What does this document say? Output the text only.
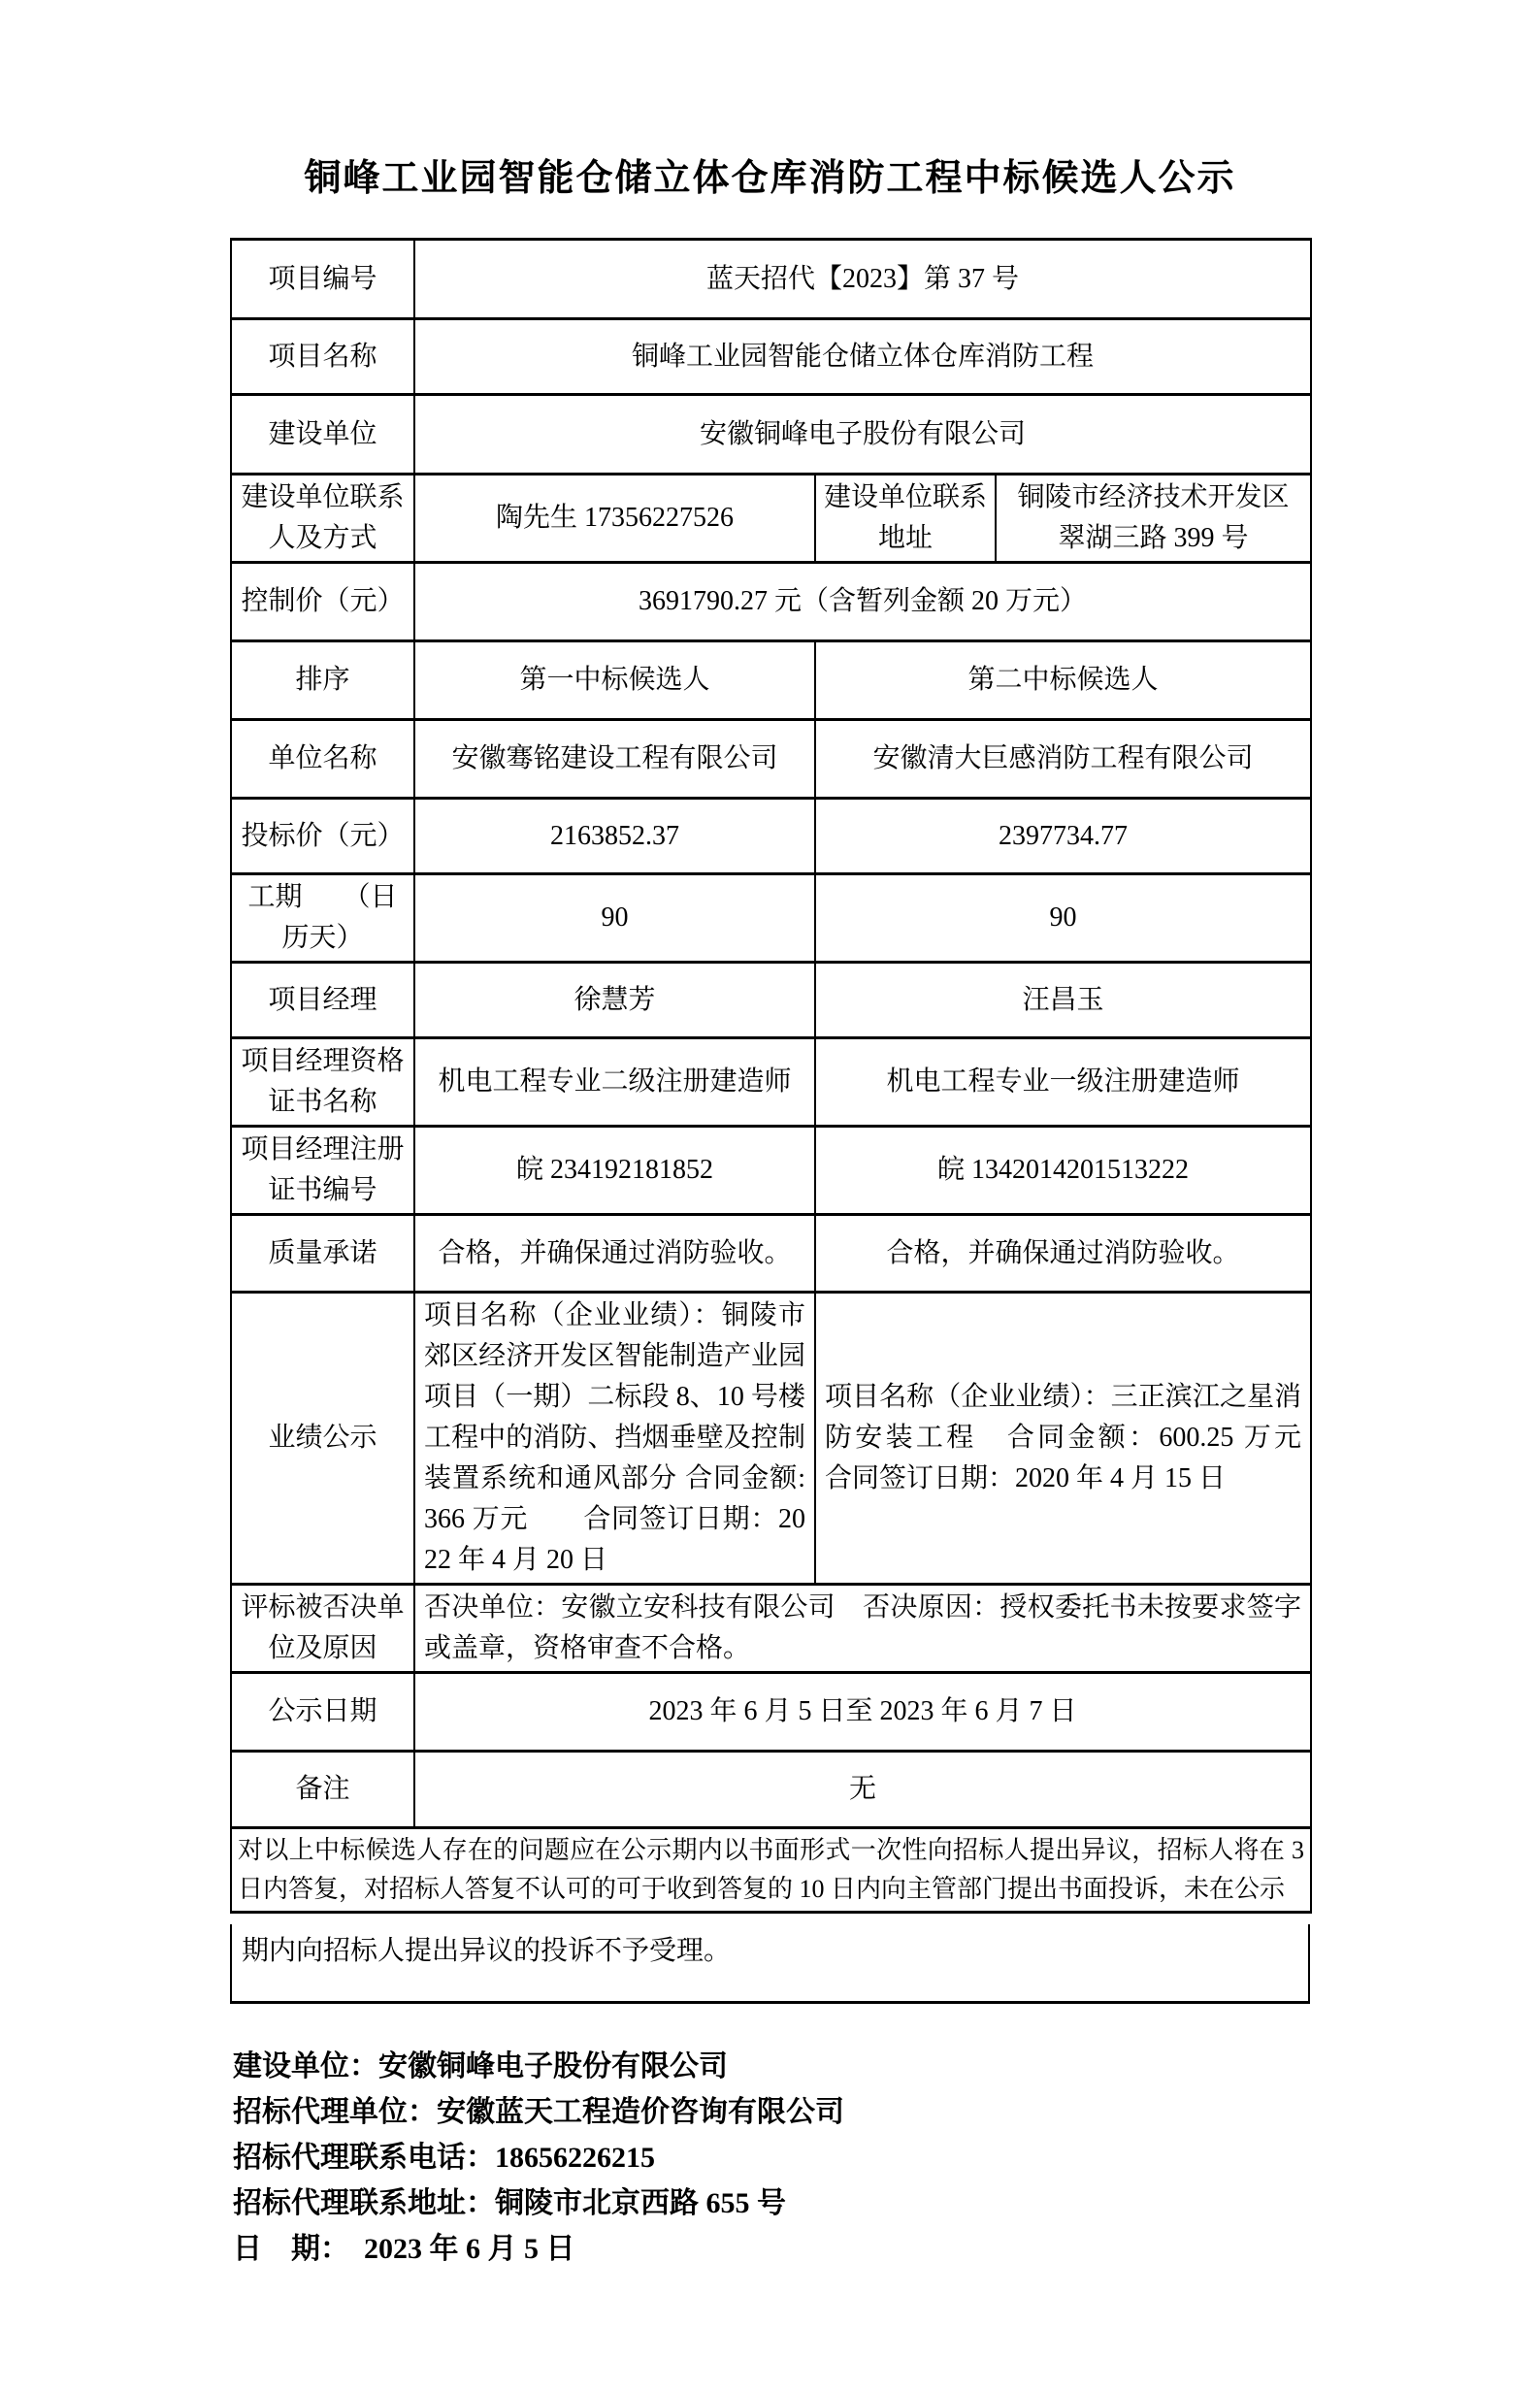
铜峰工业园智能仓储立体仓库消防工程中标候选人公示
项目编号	蓝天招代【2023】第 37 号		
项目名称	铜峰工业园智能仓储立体仓库消防工程		
建设单位	安徽铜峰电子股份有限公司		
建设单位联系人及方式	陶先生 17356227526	建设单位联系地址	铜陵市经济技术开发区翠湖三路 399 号
控制价（元）	3691790.27 元（含暂列金额 20 万元）		
排序	第一中标候选人	第二中标候选人	
单位名称	安徽骞铭建设工程有限公司	安徽清大巨感消防工程有限公司	
投标价（元）	2163852.37	2397734.77	
工期　　（日历天）	90	90	
项目经理	徐慧芳	汪昌玉	
项目经理资格证书名称	机电工程专业二级注册建造师	机电工程专业一级注册建造师	
项目经理注册证书编号	皖 234192181852	皖 1342014201513222	
质量承诺	合格，并确保通过消防验收。	合格，并确保通过消防验收。	
业绩公示	项目名称（企业业绩）：铜陵市郊区经济开发区智能制造产业园项目（一期）二标段 8、10 号楼工程中的消防、挡烟垂壁及控制装置系统和通风部分 合同金额: 366 万元　　合同签订日期：2022 年 4 月 20 日	项目名称（企业业绩）：三正滨江之星消防安装工程　合同金额：600.25 万元　　合同签订日期：2020 年 4 月 15 日	
评标被否决单位及原因	否决单位：安徽立安科技有限公司　否决原因：授权委托书未按要求签字或盖章，资格审查不合格。		
公示日期	2023 年 6 月 5 日至 2023 年 6 月 7 日		
备注	无		
对以上中标候选人存在的问题应在公示期内以书面形式一次性向招标人提出异议，招标人将在 3 日内答复，对招标人答复不认可的可于收到答复的 10 日内向主管部门提出书面投诉，未在公示			
期内向招标人提出异议的投诉不予受理。
建设单位：安徽铜峰电子股份有限公司
招标代理单位：安徽蓝天工程造价咨询有限公司
招标代理联系电话：18656226215
招标代理联系地址：铜陵市北京西路 655 号
日　期：　2023 年 6 月 5 日
